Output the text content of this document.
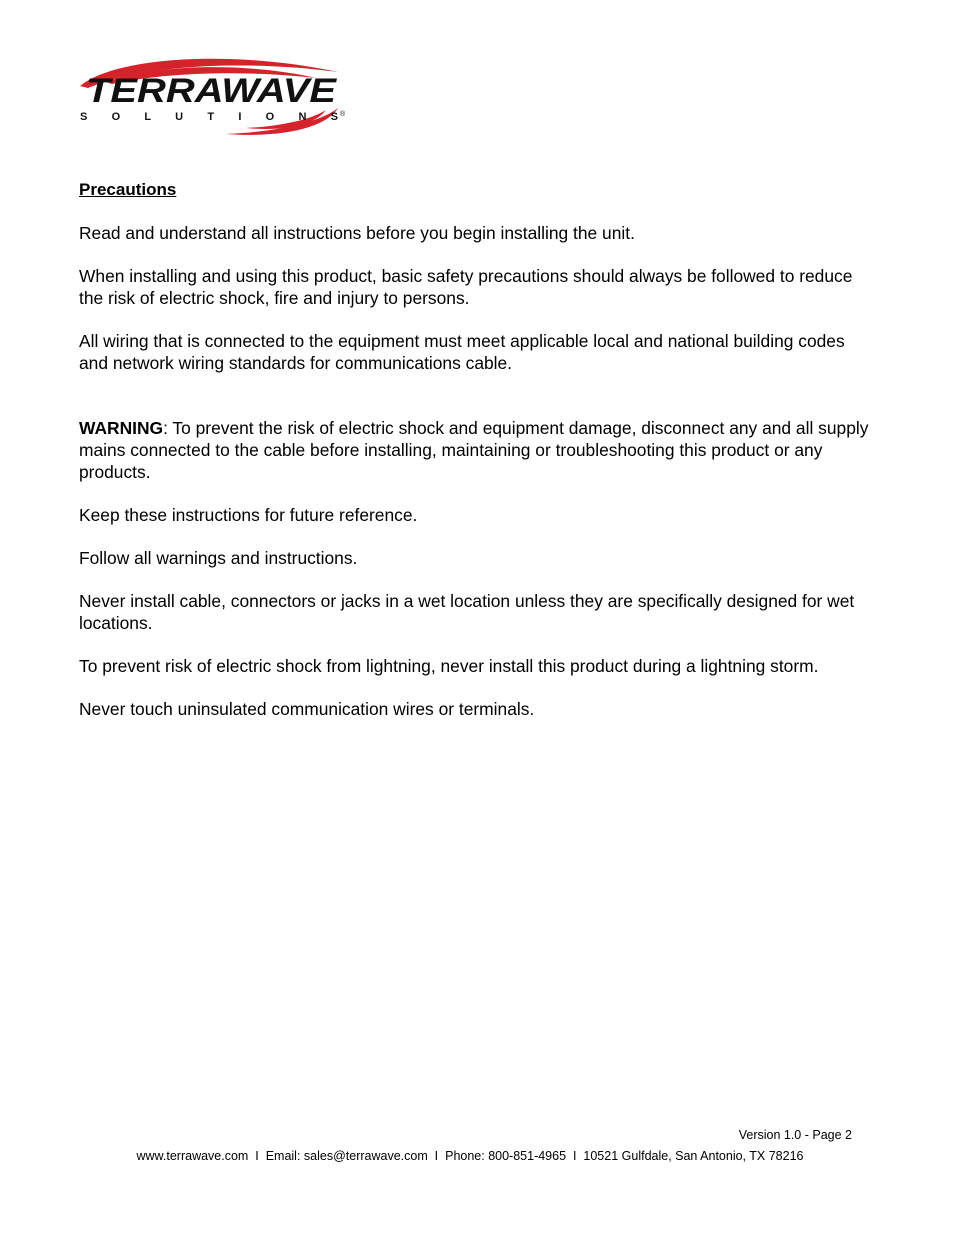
TERRAWAVE
S O L U T I O N S ®

Precautions

Read and understand all instructions before you begin installing the unit.

When installing and using this product, basic safety precautions should always be followed to reduce the risk of electric shock, fire and injury to persons.

All wiring that is connected to the equipment must meet applicable local and national building codes and network wiring standards for communications cable.

WARNING: To prevent the risk of electric shock and equipment damage, disconnect any and all supply mains connected to the cable before installing, maintaining or troubleshooting this product or any products.

Keep these instructions for future reference.

Follow all warnings and instructions.

Never install cable, connectors or jacks in a wet location unless they are specifically designed for wet locations.

To prevent risk of electric shock from lightning, never install this product during a lightning storm.

Never touch uninsulated communication wires or terminals.

Version 1.0 - Page 2
www.terrawave.com  I  Email: sales@terrawave.com  I  Phone: 800-851-4965  I  10521 Gulfdale, San Antonio, TX 78216
